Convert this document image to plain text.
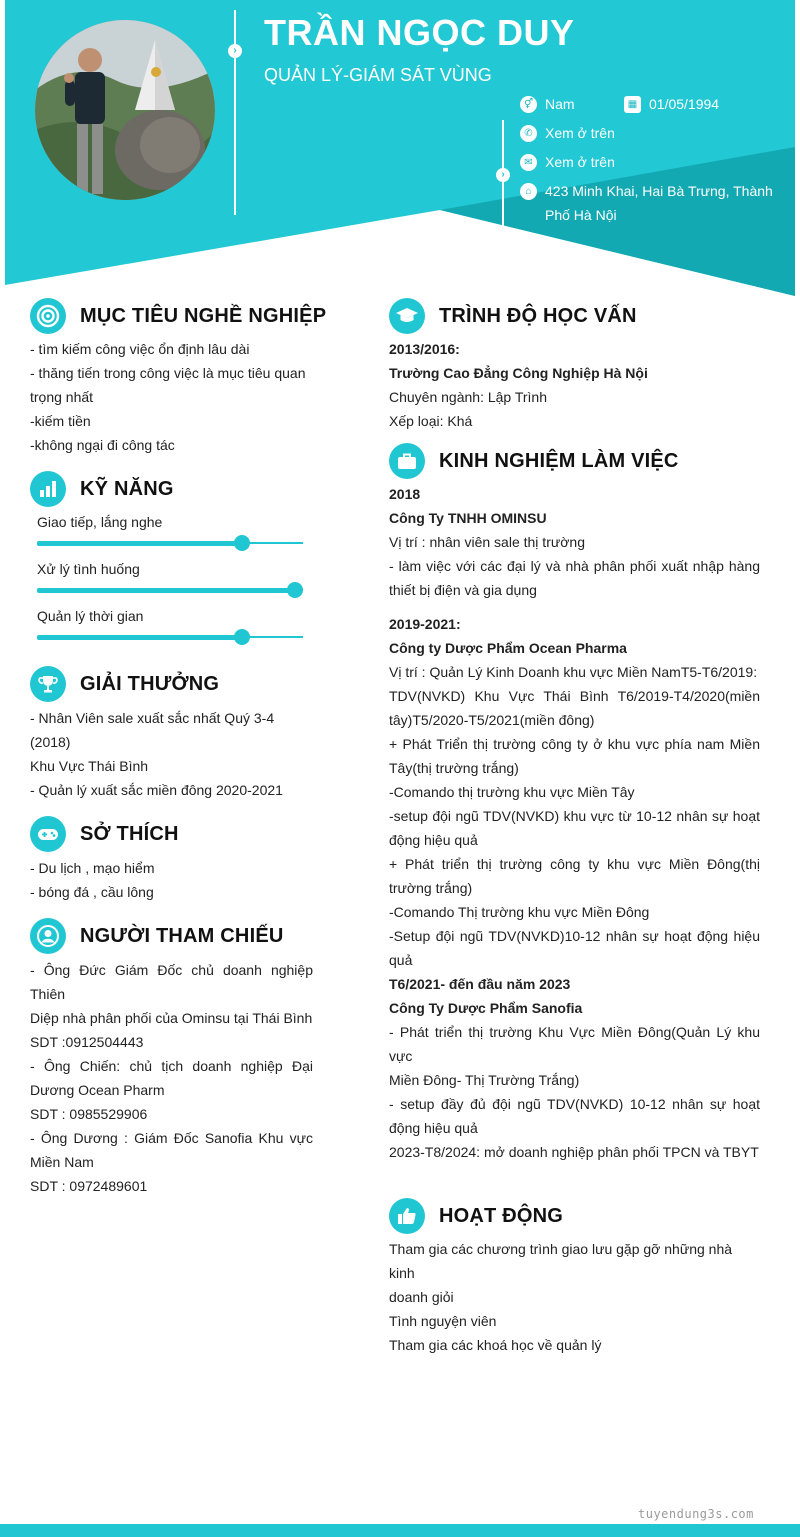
› TRẦN NGỌC DUY
QUẢN LÝ-GIÁM SÁT VÙNG
›
⚥ Nam	▦ 01/05/1994
✆ Xem ở trên
✉ Xem ở trên
⌂ 423 Minh Khai, Hai Bà Trưng, Thành
Phố Hà Nội
MỤC TIÊU NGHỀ NGHIỆP

- tìm kiếm công việc ổn định lâu dài

- thăng tiến trong công việc là mục tiêu quan

trọng nhất

-kiếm tiền

-không ngại đi công tác

KỸ NĂNG
Giao tiếp, lắng nghe
Xử lý tình huống
Quản lý thời gian
GIẢI THƯỞNG

- Nhân Viên sale xuất sắc nhất Quý 3-4 (2018)

Khu Vực Thái Bình

- Quản lý xuất sắc miền đông 2020-2021

SỞ THÍCH

- Du lịch , mạo hiểm

- bóng đá , cầu lông

NGƯỜI THAM CHIẾU

- Ông Đức Giám Đốc chủ doanh nghiệp Thiên

Diệp nhà phân phối của Ominsu tại Thái Bình

SDT :0912504443

- Ông Chiến: chủ tịch doanh nghiệp Đại

Dương Ocean Pharm

SDT : 0985529906

- Ông Dương : Giám Đốc Sanofia Khu vực

Miền Nam

SDT : 0972489601

TRÌNH ĐỘ HỌC VẤN

2013/2016:

Trường Cao Đẳng Công Nghiệp Hà Nội

Chuyên ngành: Lập Trình

Xếp loại: Khá

KINH NGHIỆM LÀM VIỆC

2018

Công Ty TNHH OMINSU

Vị trí : nhân viên sale thị trường

- làm việc với các đại lý và nhà phân phối xuất nhập hàng

thiết bị điện và gia dụng

2019-2021:

Công ty Dược Phẩm Ocean Pharma

Vị trí : Quản Lý Kinh Doanh khu vực Miền NamT5-T6/2019:

TDV(NVKD) Khu Vực Thái Bình T6/2019-T4/2020(miền

tây)T5/2020-T5/2021(miền đông)

+ Phát Triển thị trường công ty ở khu vực phía nam Miền

Tây(thị trường trắng)

-Comando thị trường khu vực Miền Tây

-setup đội ngũ TDV(NVKD) khu vực từ 10-12 nhân sự hoạt

động hiệu quả

+ Phát triển thị trường công ty khu vực Miền Đông(thị

trường trắng)

-Comando Thị trường khu vực Miền Đông

-Setup đội ngũ TDV(NVKD)10-12 nhân sự hoạt động hiệu

quả

T6/2021- đến đầu năm 2023

Công Ty Dược Phẩm Sanofia

- Phát triển thị trường Khu Vực Miền Đông(Quản Lý khu vực

Miền Đông- Thị Trường Trắng)

- setup đầy đủ đội ngũ TDV(NVKD) 10-12 nhân sự hoạt

động hiệu quả

2023-T8/2024: mở doanh nghiệp phân phối TPCN và TBYT

HOẠT ĐỘNG

Tham gia các chương trình giao lưu gặp gỡ những nhà kinh

doanh giỏi

Tình nguyện viên

Tham gia các khoá học về quản lý

tuyendung3s.com
